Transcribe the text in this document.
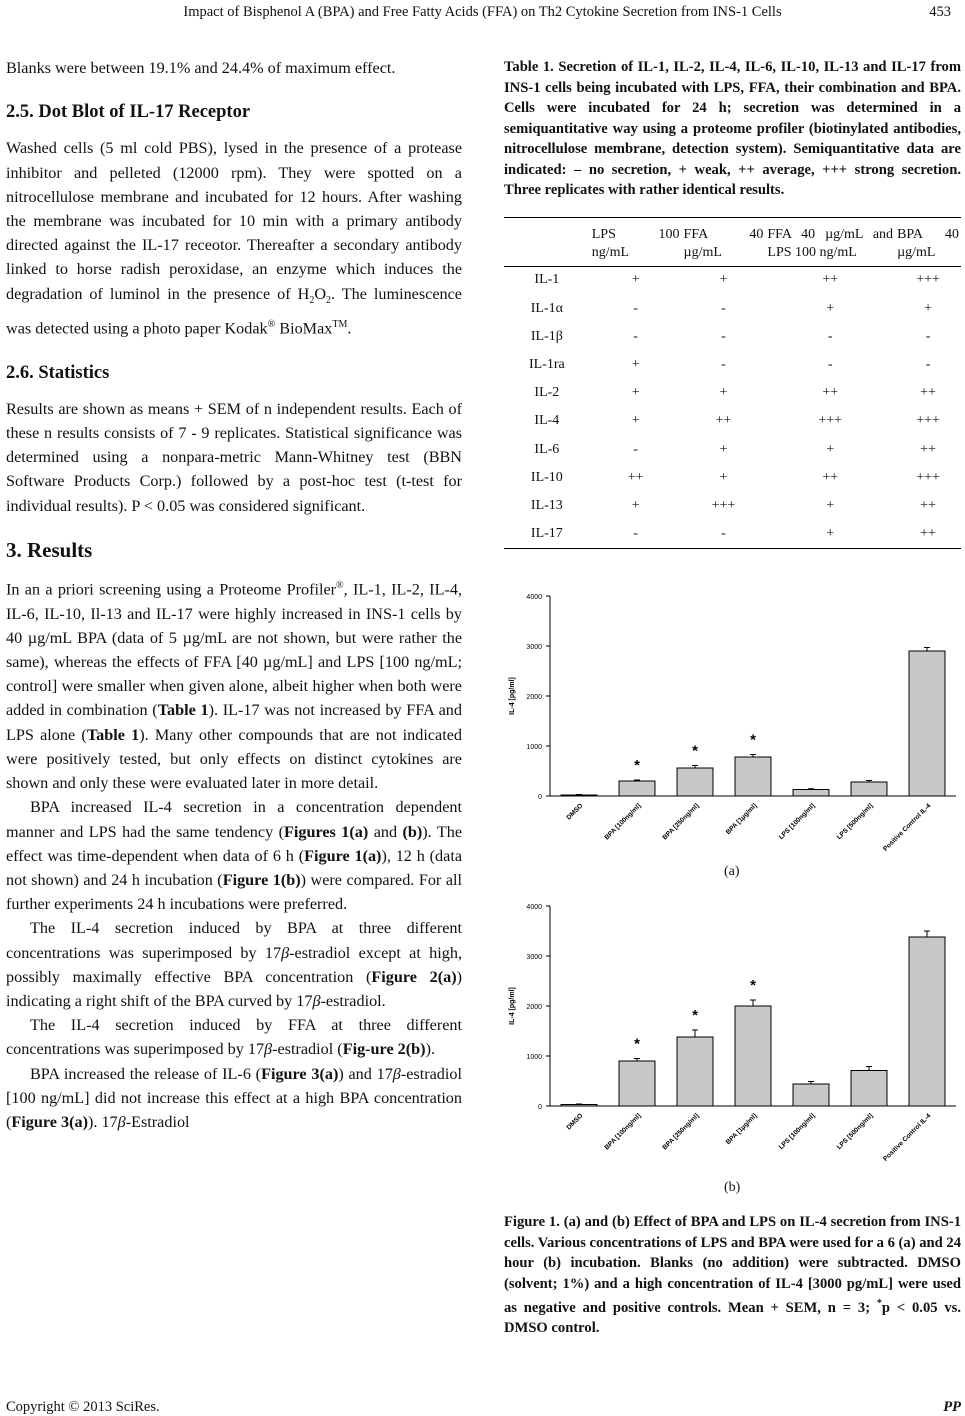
Impact of Bisphenol A (BPA) and Free Fatty Acids (FFA) on Th2 Cytokine Secretion from INS-1 Cells	453

Blanks were between 19.1% and 24.4% of maximum effect.

2.5. Dot Blot of IL-17 Receptor

Washed cells (5 ml cold PBS), lysed in the presence of a protease inhibitor and pelleted (12000 rpm). They were spotted on a nitrocellulose membrane and incubated for 12 hours. After washing the membrane was incubated for 10 min with a primary antibody directed against the IL-17 receotor. Thereafter a secondary antibody linked to horse radish peroxidase, an enzyme which induces the degradation of luminol in the presence of $H_2O_2$. The luminescence was detected using a photo paper Kodak® BioMax™.

2.6. Statistics

Results are shown as means + SEM of n independent results. Each of these n results consists of 7 - 9 replicates. Statistical significance was determined using a nonpara-metric Mann-Whitney test (BBN Software Products Corp.) followed by a post-hoc test (t-test for individual results). P < 0.05 was considered significant.

3. Results

In an a priori screening using a Proteome Profiler®, IL-1, IL-2, IL-4, IL-6, IL-10, Il-13 and IL-17 were highly increased in INS-1 cells by 40 µg/mL BPA (data of 5 µg/mL are not shown, but were rather the same), whereas the effects of FFA [40 µg/mL] and LPS [100 ng/mL; control] were smaller when given alone, albeit higher when both were added in combination (Table 1). IL-17 was not increased by FFA and LPS alone (Table 1). Many other compounds that are not indicated were positively tested, but only effects on distinct cytokines are shown and only these were evaluated later in more detail.

BPA increased IL-4 secretion in a concentration dependent manner and LPS had the same tendency (Figures 1(a) and (b)). The effect was time-dependent when data of 6 h (Figure 1(a)), 12 h (data not shown) and 24 h incubation (Figure 1(b)) were compared. For all further experiments 24 h incubations were preferred.

The IL-4 secretion induced by BPA at three different concentrations was superimposed by 17β-estradiol except at high, possibly maximally effective BPA concentration (Figure 2(a)) indicating a right shift of the BPA curved by 17β-estradiol.

The IL-4 secretion induced by FFA at three different concentrations was superimposed by 17β-estradiol (Fig-ure 2(b)).

BPA increased the release of IL-6 (Figure 3(a)) and 17β-estradiol [100 ng/mL] did not increase this effect at a high BPA concentration (Figure 3(a)). 17β-Estradiol

Table 1. Secretion of IL-1, IL-2, IL-4, IL-6, IL-10, IL-13 and IL-17 from INS-1 cells being incubated with LPS, FFA, their combination and BPA. Cells were incubated for 24 h; secretion was determined in a semiquantitative way using a proteome profiler (biotinylated antibodies, nitrocellulose membrane, detection system). Semiquantitative data are indicated: – no secretion, + weak, ++ average, +++ strong secretion. Three replicates with rather identical results.
	LPS 100 ng/mL	FFA 40 µg/mL	FFA 40 µg/mL and LPS 100 ng/mL	BPA 40 µg/mL
IL-1	+	+	++	+++
IL-1α	-	-	+	+
IL-1β	-	-	-	-
IL-1ra	+	-	-	-
IL-2	+	+	++	++
IL-4	+	++	+++	+++
IL-6	-	+	+	++
IL-10	++	+	++	+++
IL-13	+	+++	+	++
IL-17	-	-	+	++
0
1000
2000
3000
4000
IL-4 [pg/ml]
DMSO
*
BPA [100ng/ml]
*
BPA [250ng/ml]
*
BPA [1µg/ml]	LPS [100ng/ml]	LPS [500ng/ml] Positive Control IL-4
(a)
0
1000
2000
3000
4000
IL-4 [pg/ml]
DMSO
*
BPA [100ng/ml]
*
BPA [250ng/ml]
*
BPA [1µg/ml]	LPS [100ng/ml]	LPS [500ng/ml] Positive Control IL-4
(b)
Figure 1. (a) and (b) Effect of BPA and LPS on IL-4 secretion from INS-1 cells. Various concentrations of LPS and BPA were used for a 6 (a) and 24 hour (b) incubation. Blanks (no addition) were subtracted. DMSO (solvent; 1%) and a high concentration of IL-4 [3000 pg/mL] were used as negative and positive controls. Mean + SEM, n = 3; *p < 0.05 vs. DMSO control.
Copyright © 2013 SciRes.	PP
